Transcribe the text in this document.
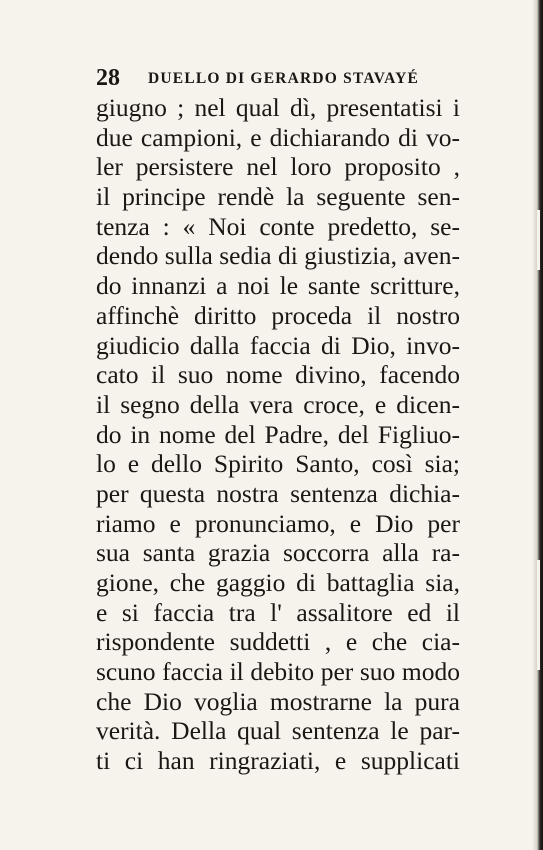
28 DUELLO DI GERARDO STAVAYÉ
giugno ; nel qual dì, presentatisi i
due campioni, e dichiarando di vo-
ler persistere nel loro proposito ,
il principe rendè la seguente sen-
tenza : « Noi conte predetto, se-
dendo sulla sedia di giustizia, aven-
do innanzi a noi le sante scritture,
affinchè diritto proceda il nostro
giudicio dalla faccia di Dio, invo-
cato il suo nome divino, facendo
il segno della vera croce, e dicen-
do in nome del Padre, del Figliuo-
lo e dello Spirito Santo, così sia;
per questa nostra sentenza dichia-
riamo e pronunciamo, e Dio per
sua santa grazia soccorra alla ra-
gione, che gaggio di battaglia sia,
e si faccia tra l' assalitore ed il
rispondente suddetti , e che cia-
scuno faccia il debito per suo modo
che Dio voglia mostrarne la pura
verità. Della qual sentenza le par-
ti ci han ringraziati, e supplicati
